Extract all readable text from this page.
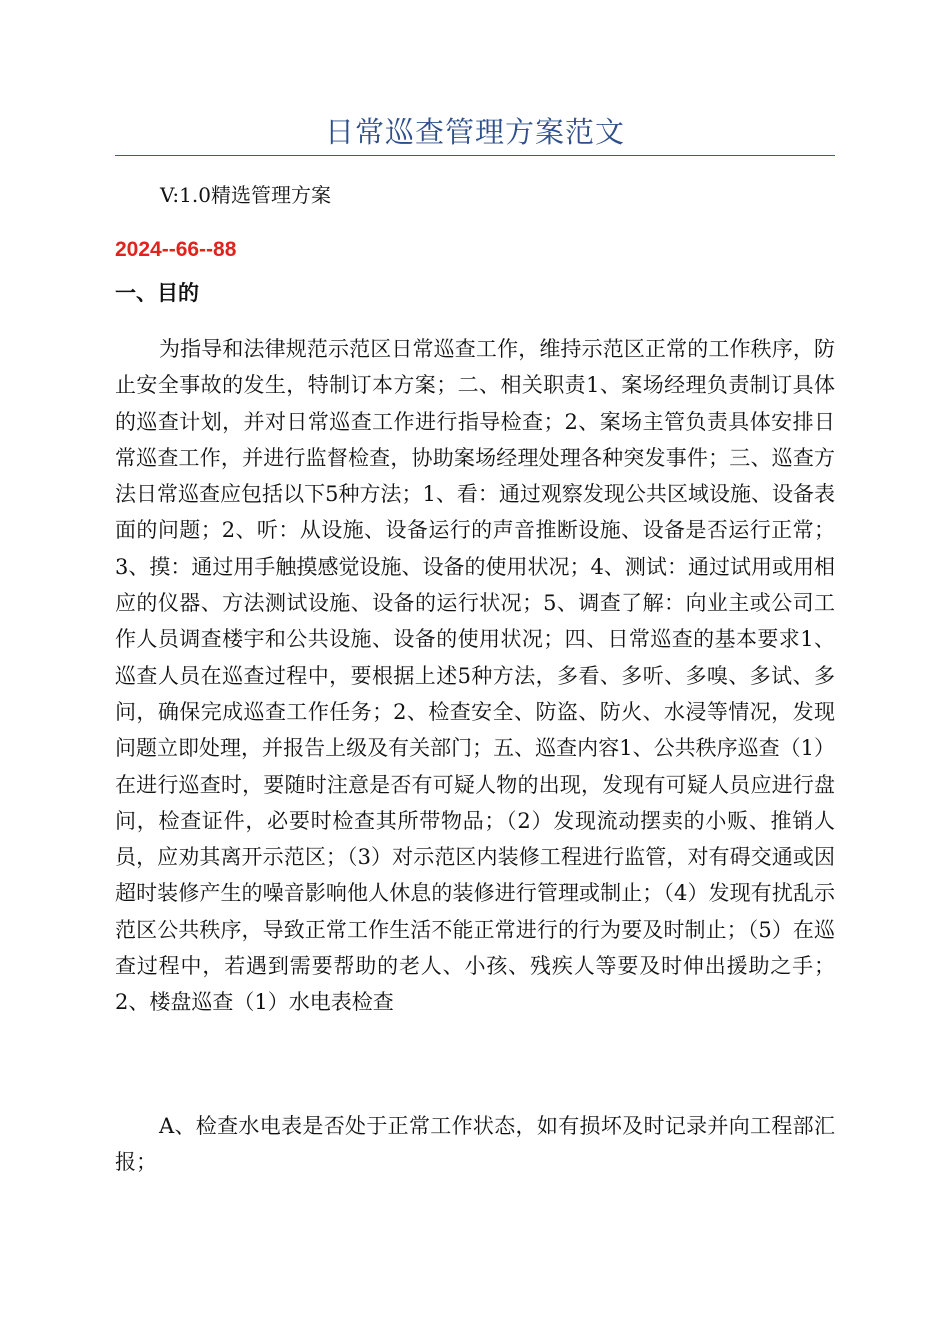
日常巡查管理方案范文
V:1.0精选管理方案
2024--66--88
一、目的

为指导和法律规范示范区日常巡查工作，维持示范区正常的工作秩序，防止安全事故的发生，特制订本方案；二、相关职责1、案场经理负责制订具体的巡查计划，并对日常巡查工作进行指导检查；2、案场主管负责具体安排日常巡查工作，并进行监督检查，协助案场经理处理各种突发事件；三、巡查方法日常巡查应包括以下5种方法；1、看：通过观察发现公共区域设施、设备表面的问题；2、听：从设施、设备运行的声音推断设施、设备是否运行正常；3、摸：通过用手触摸感觉设施、设备的使用状况；4、测试：通过试用或用相应的仪器、方法测试设施、设备的运行状况；5、调查了解：向业主或公司工作人员调查楼宇和公共设施、设备的使用状况；四、日常巡查的基本要求1、巡查人员在巡查过程中，要根据上述5种方法，多看、多听、多嗅、多试、多问，确保完成巡查工作任务；2、检查安全、防盗、防火、水浸等情况，发现问题立即处理，并报告上级及有关部门；五、巡查内容1、公共秩序巡查（1）在进行巡查时，要随时注意是否有可疑人物的出现，发现有可疑人员应进行盘问，检查证件，必要时检查其所带物品；（2）发现流动摆卖的小贩、推销人员，应劝其离开示范区；（3）对示范区内装修工程进行监管，对有碍交通或因超时装修产生的噪音影响他人休息的装修进行管理或制止；（4）发现有扰乱示范区公共秩序，导致正常工作生活不能正常进行的行为要及时制止；（5）在巡查过程中，若遇到需要帮助的老人、小孩、残疾人等要及时伸出援助之手；2、楼盘巡查（1）水电表检查

A、检查水电表是否处于正常工作状态，如有损坏及时记录并向工程部汇报；
